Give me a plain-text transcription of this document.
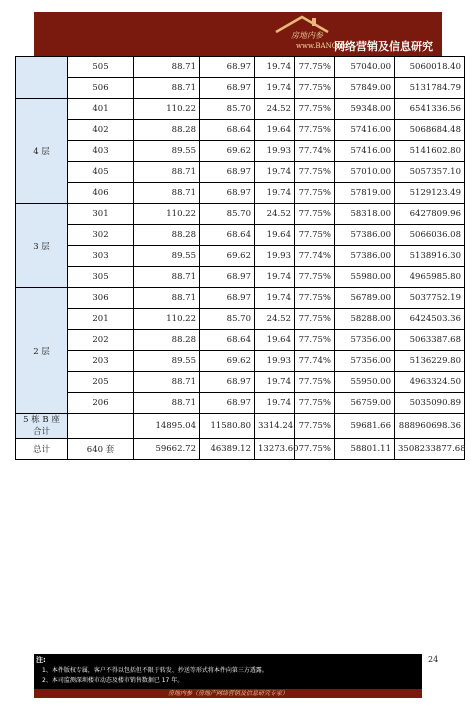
房地内参
www.BANQ.cn
网络营销及信息研究专家
	505	88.71	68.97	19.74	77.75%	57040.00	5060018.40
	506	88.71	68.97	19.74	77.75%	57849.00	5131784.79
4 层	401	110.22	85.70	24.52	77.75%	59348.00	6541336.56
	402	88.28	68.64	19.64	77.75%	57416.00	5068684.48
	403	89.55	69.62	19.93	77.74%	57416.00	5141602.80
	405	88.71	68.97	19.74	77.75%	57010.00	5057357.10
	406	88.71	68.97	19.74	77.75%	57819.00	5129123.49
3 层	301	110.22	85.70	24.52	77.75%	58318.00	6427809.96
	302	88.28	68.64	19.64	77.75%	57386.00	5066036.08
	303	89.55	69.62	19.93	77.74%	57386.00	5138916.30
	305	88.71	68.97	19.74	77.75%	55980.00	4965985.80
2 层	306	88.71	68.97	19.74	77.75%	56789.00	5037752.19
	201	110.22	85.70	24.52	77.75%	58288.00	6424503.36
	202	88.28	68.64	19.64	77.75%	57356.00	5063387.68
	203	89.55	69.62	19.93	77.74%	57356.00	5136229.80
	205	88.71	68.97	19.74	77.75%	55950.00	4963324.50
	206	88.71	68.97	19.74	77.75%	56759.00	5035090.89
5 栋 B 座
合计		14895.04	11580.80	3314.24	77.75%	59681.66	888960698.36
总计	640 套	59662.72	46389.12	13273.60	77.75%	58801.11	3508233877.68
注:
1、本件版权专属，客户不得以包括但不限于转发、抄送等形式将本件向第三方透露。
2、本司监测深圳楼市动态及楼市销售数据已 17 年。
24
房地内参（房地产网络营销及信息研究专家）
